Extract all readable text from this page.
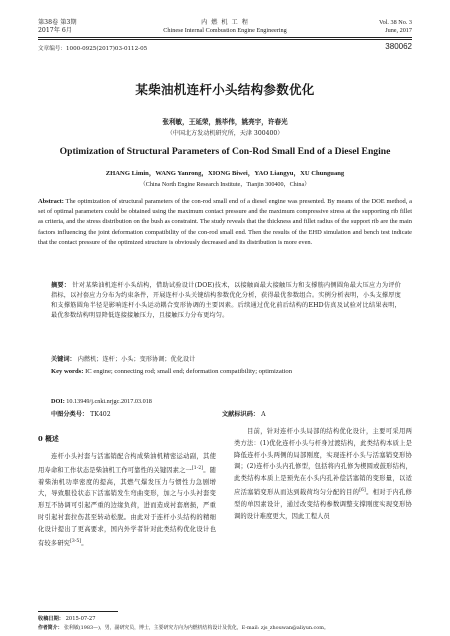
第38卷 第3期
2017年 6月
内 燃 机 工 程
Chinese Internal Combustion Engine Engineering
Vol. 38 No. 3
June, 2017
文章编号：1000-0925(2017)03-0112-05	380062
某柴油机连杆小头结构参数优化
张利敏，王延荣，熊毕伟，姚亮宇，许春光
（中国北方发动机研究所，天津 300400）
Optimization of Structural Parameters of Con-Rod Small End of a Diesel Engine
ZHANG Limin，WANG Yanrong，XIONG Biwei，YAO Liangyu，XU Chunguang
（China North Engine Research Institute，Tianjin 300400，China）
Abstract: The optimization of structural parameters of the con-rod small end of a diesel engine was presented. By means of the DOE method, a set of optimal parameters could be obtained using the maximum contact pressure and the maximum compressive stress at the supporting rib fillet as criteria, and the stress distribution on the bush as constraint. The study reveals that the thickness and fillet radius of the support rib are the main factors influencing the joint deformation compatibility of the con-rod small end. Then the results of the EHD simulation and bench test indicate that the contact pressure of the optimized structure is obviously decreased and its distribution is more even.
摘要： 针对某柴油机连杆小头结构，借助试验设计(DOE)技术，以接触面最大接触压力和支撑筋内侧圆角最大压应力为评价指标，以衬套应力分布为约束条件，开展连杆小头关键结构参数优化分析，获得最优参数组合。实例分析表明，小头支撑厚度和支撑筋圆角半径是影响连杆小头运动耦合变形协调的主要因素。后续通过优化前后结构的EHD仿真及试验对比结果表明，最优参数结构明显降低连接接触压力，且接触压力分布更均匀。
关键词： 内燃机；连杆；小头；变形协调；优化设计
Key words: IC engine; connecting rod; small end; deformation compatibility; optimization
DOI: 10.13949/j.cnki.nrjgc.2017.03.018
中图分类号： TK402	文献标识码： A
0 概述
连杆小头衬套与活塞销配合构成柴油机精密运动副，其使用寿命和工作状态是柴油机工作可靠性的关键因素之一[1-2]。随着柴油机功率密度的提高，其燃气爆发压力与惯性力急剧增大，导致服役状态下活塞销发生弯曲变形，加之与小头衬套变形互不协调可引起严重的边缘负荷，进而造成衬套磨损，严重时引起衬套拉伤甚至转动松脱。由此对于连杆小头结构的精细化设计提出了更高要求，国内外学者针对此类结构优化设计也有较多研究[3-5]。
目前，针对连杆小头局部的结构优化设计，主要可采用两类方法：(1)优化连杆小头与杆身过渡结构，此类结构本质上是降低连杆小头两侧的局部刚度，实现连杆小头与活塞销变形协调；(2)连杆小头内孔修型，包括将内孔修为楔圆或鼓形结构，此类结构本质上是预先在小头内孔补偿活塞销的变形量，以适应活塞销变形从而达到载荷均匀分配的目的[6]。相对于内孔修型的单因素设计，通过改变结构参数调整支撑刚度实现变形协调的设计难度更大，因此工程人员
收稿日期： 2015-07-27
作者简介： 张利敏(1983—)，男，副研究员，博士，主要研究方向为内燃机结构设计及优化，E-mail: zjs_zhouwan@aliyun.com。
